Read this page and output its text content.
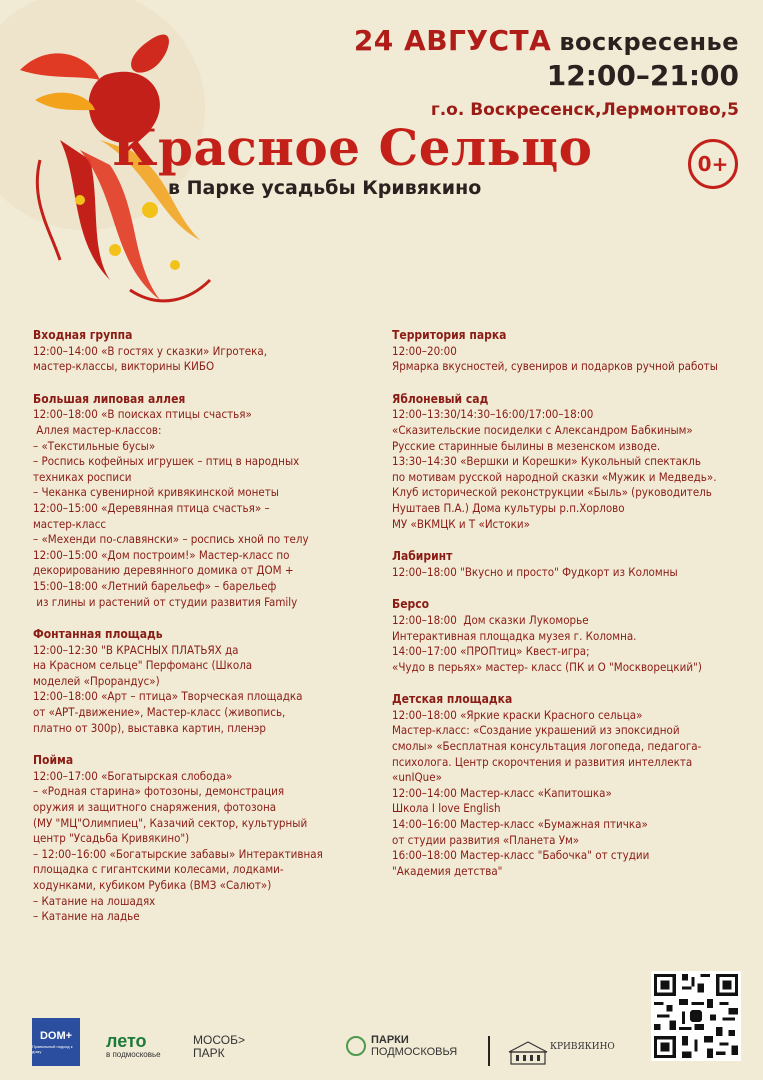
24 АВГУСТА воскресенье
12:00–21:00
г.о. Воскресенск,Лермонтово,5
Красное Сельцо
в Парке усадьбы Кривякино
0+
Входная группа

12:00–14:00 «В гостях у сказки» Игротека,
мастер-классы, викторины КИБО

Большая липовая аллея

12:00–18:00 «В поисках птицы счастья»
Аллея мастер-классов:
– «Текстильные бусы»
– Роспись кофейных игрушек – птиц в народных
техниках росписи
– Чеканка сувенирной кривякинской монеты
12:00–15:00 «Деревянная птица счастья» –
мастер-класс
– «Мехенди по-славянски» – роспись хной по телу
12:00–15:00 «Дом построим!» Мастер-класс по
декорированию деревянного домика от ДОМ +
15:00–18:00 «Летний барельеф» – барельеф
из глины и растений от студии развития Family

Фонтанная площадь

12:00–12:30 "В КРАСНЫХ ПЛАТЬЯХ да
на Красном сельце" Перфоманс (Школа
моделей «Прорандус»)
12:00–18:00 «Арт – птица» Творческая площадка
от «АРТ-движение», Мастер-класс (живопись,
платно от 300р), выставка картин, пленэр

Пойма

12:00–17:00 «Богатырская слобода»
– «Родная старина» фотозоны, демонстрация
оружия и защитного снаряжения, фотозона
(МУ "МЦ"Олимпиец", Казачий сектор, культурный
центр "Усадьба Кривякино")
– 12:00–16:00 «Богатырские забавы» Интерактивная
площадка с гигантскими колесами, лодками-
ходунками, кубиком Рубика (ВМЗ «Салют»)
– Катание на лошадях
– Катание на ладье

Территория парка

12:00–20:00
Ярмарка вкусностей, сувениров и подарков ручной работы

Яблоневый сад

12:00–13:30/14:30–16:00/17:00–18:00
«Сказительские посиделки с Александром Бабкиным»
Русские старинные былины в мезенском изводе.
13:30–14:30 «Вершки и Корешки» Кукольный спектакль
по мотивам русской народной сказки «Мужик и Медведь».
Клуб исторической реконструкции «Быль» (руководитель
Нуштаев П.А.) Дома культуры р.п.Хорлово
МУ «ВКМЦК и Т «Истоки»

Лабиринт

12:00–18:00 "Вкусно и просто" Фудкорт из Коломны

Берсо

12:00–18:00  Дом сказки Лукоморье
Интерактивная площадка музея г. Коломна.
14:00–17:00 «ПРОПтиц» Квест-игра;
«Чудо в перьях» мастер- класс (ПК и О "Москворецкий")

Детская площадка

12:00–18:00 «Яркие краски Красного сельца»
Мастер-класс: «Создание украшений из эпоксидной
смолы» «Бесплатная консультация логопеда, педагога-
психолога. Центр скорочтения и развития интеллекта
«unIQue»
12:00–14:00 Мастер-класс «Капитошка»
Школа I love English
14:00–16:00 Мастер-класс «Бумажная птичка»
от студии развития «Планета Ум»
16:00–18:00 Мастер-класс "Бабочка" от студии
"Академия детства"

DOM+
Правильный подход к дому
лето
в подмосковье
МОСОБ>
ПАРК
ПАРКИ
ПОДМОСКОВЬЯ	КРИВЯКИНО
